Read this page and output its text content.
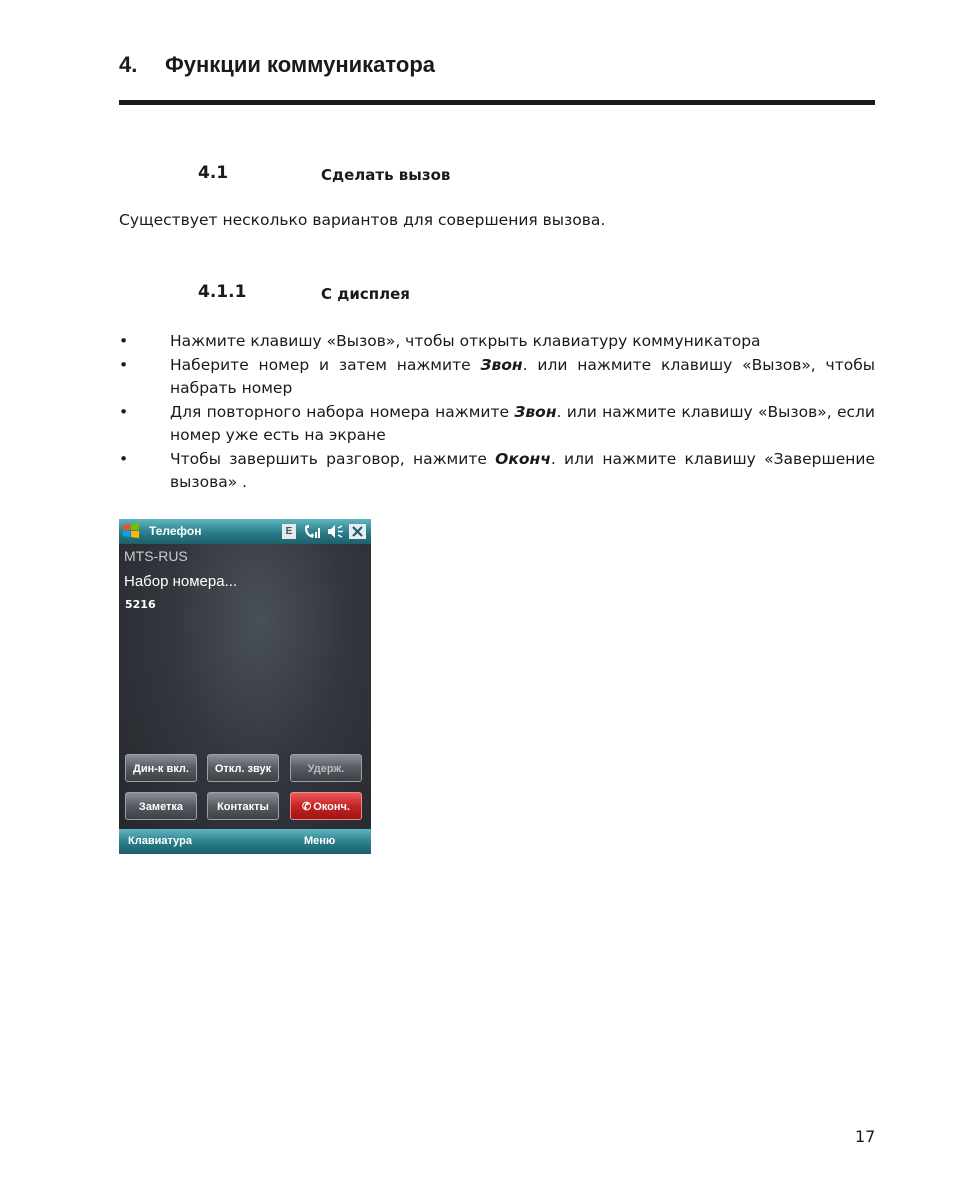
4. Функции коммуникатора
4.1	Сделать вызов
Существует несколько вариантов для совершения вызова.
4.1.1	С дисплея
•	Нажмите клавишу «Вызов», чтобы открыть клавиатуру коммуникатора
•	Наберите номер и затем нажмите Звон. или нажмите клавишу «Вызов», чтобы набрать номер
•	Для повторного набора номера нажмите Звон. или нажмите клавишу «Вызов», если номер уже есть на экране
•	Чтобы завершить разговор, нажмите Оконч. или нажмите клавишу «Завершение вызова» .
Телефон	E
MTS-RUS
Набор номера...
5216
Дин-к вкл.	Откл. звук	Удерж.
Заметка	Контакты	✆ Оконч.
Клавиатура	Меню
17
